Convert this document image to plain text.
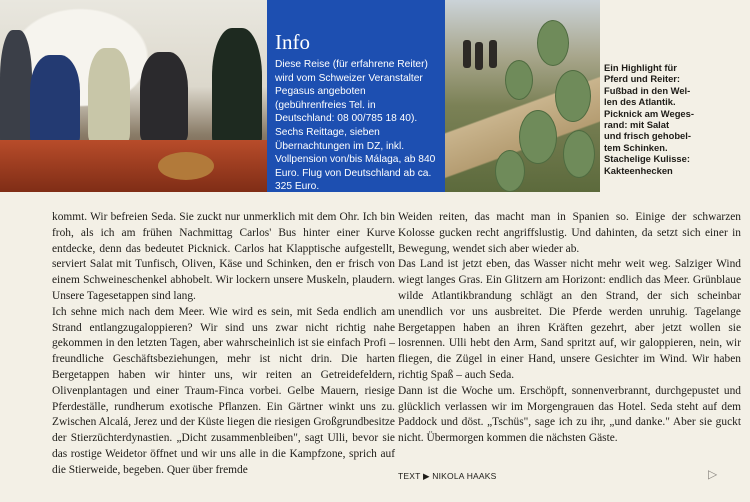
Info

Diese Reise (für erfahrene Reiter) wird vom Schweizer Veranstalter Pegasus angeboten (gebührenfreies Tel. in Deutschland: 08 00/785 18 40). Sechs Reittage, sieben Übernachtungen im DZ, inkl. Vollpension von/bis Málaga, ab 840 Euro. Flug von Deutschland ab ca. 325 Euro.

Ein Highlight für
Pferd und Reiter:
Fußbad in den Wel-
len des Atlantik.
Picknick am Weges-
rand: mit Salat
und frisch gehobel-
tem Schinken.
Stachelige Kulisse:
Kakteenhecken

kommt. Wir befreien Seda. Sie zuckt nur unmerklich mit dem Ohr. Ich bin froh, als ich am frühen Nachmittag Carlos' Bus hinter einer Kurve entdecke, denn das bedeutet Picknick. Carlos hat Klapptische aufgestellt, serviert Salat mit Tunfisch, Oliven, Käse und Schinken, den er frisch von einem Schweineschenkel abhobelt. Wir lockern unsere Muskeln, plaudern. Unsere Tagesetappen sind lang.

Ich sehne mich nach dem Meer. Wie wird es sein, mit Seda endlich am Strand entlangzugaloppieren? Wir sind uns zwar nicht richtig nahe gekommen in den letzten Tagen, aber wahrscheinlich ist sie einfach Profi – freundliche Geschäftsbeziehungen, mehr ist nicht drin. Die harten Bergetappen haben wir hinter uns, wir reiten an Getreidefeldern, Olivenplantagen und einer Traum-Finca vorbei. Gelbe Mauern, riesige Pferdeställe, rundherum exotische Pflanzen. Ein Gärtner winkt uns zu. Zwischen Alcalá, Jerez und der Küste liegen die riesigen Großgrundbesitze der Stierzüchterdynastien. „Dicht zusammenbleiben", sagt Ulli, bevor sie das rostige Weidetor öffnet und wir uns alle in die Kampfzone, sprich auf die Stierweide, begeben. Quer über fremde

Weiden reiten, das macht man in Spanien so. Einige der schwarzen Kolosse gucken recht angriffslustig. Und dahinten, da setzt sich einer in Bewegung, wendet sich aber wieder ab.

Das Land ist jetzt eben, das Wasser nicht mehr weit weg. Salziger Wind wiegt langes Gras. Ein Glitzern am Horizont: endlich das Meer. Grünblaue wilde Atlantikbrandung schlägt an den Strand, der sich scheinbar unendlich vor uns ausbreitet. Die Pferde werden unruhig. Tagelange Bergetappen haben an ihren Kräften gezehrt, aber jetzt wollen sie losrennen. Ulli hebt den Arm, Sand spritzt auf, wir galoppieren, nein, wir fliegen, die Zügel in einer Hand, unsere Gesichter im Wind. Wir haben richtig Spaß – auch Seda.

Dann ist die Woche um. Erschöpft, sonnenverbrannt, durchgepustet und glücklich verlassen wir im Morgengrauen das Hotel. Seda steht auf dem Paddock und döst. „Tschüs", sage ich zu ihr, „und danke." Aber sie guckt nicht. Übermorgen kommen die nächsten Gäste.

TEXT ▶ NIKOLA HAAKS	▷
